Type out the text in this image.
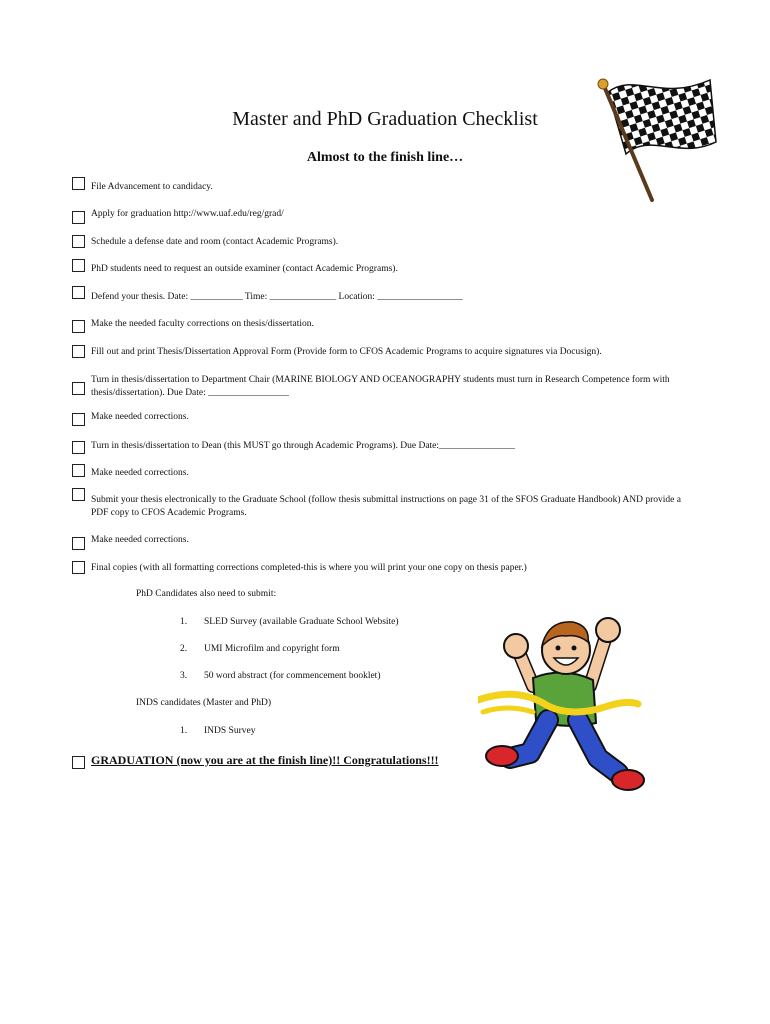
Master and PhD Graduation Checklist
Almost to the finish line…
File Advancement to candidacy.
Apply for graduation http://www.uaf.edu/reg/grad/
Schedule a defense date and room (contact Academic Programs).
PhD students need to request an outside examiner (contact Academic Programs).
Defend your thesis. Date: ___________ Time: ______________ Location: __________________
Make the needed faculty corrections on thesis/dissertation.
Fill out and print Thesis/Dissertation Approval Form (Provide form to CFOS Academic Programs to acquire signatures via Docusign).
Turn in thesis/dissertation to Department Chair (MARINE BIOLOGY AND OCEANOGRAPHY students must turn in Research Competence form with thesis/dissertation). Due Date: _________________
Make needed corrections.
Turn in thesis/dissertation to Dean (this MUST go through Academic Programs). Due Date:________________
Make needed corrections.
Submit your thesis electronically to the Graduate School (follow thesis submittal instructions on page 31 of the SFOS Graduate Handbook) AND provide a PDF copy to CFOS Academic Programs.
Make needed corrections.
Final copies (with all formatting corrections completed-this is where you will print your one copy on thesis paper.)
PhD Candidates also need to submit:
1. SLED Survey (available Graduate School Website)
2. UMI Microfilm and copyright form
3. 50 word abstract (for commencement booklet)
INDS candidates (Master and PhD)
1. INDS Survey
GRADUATION (now you are at the finish line)!! Congratulations!!!
